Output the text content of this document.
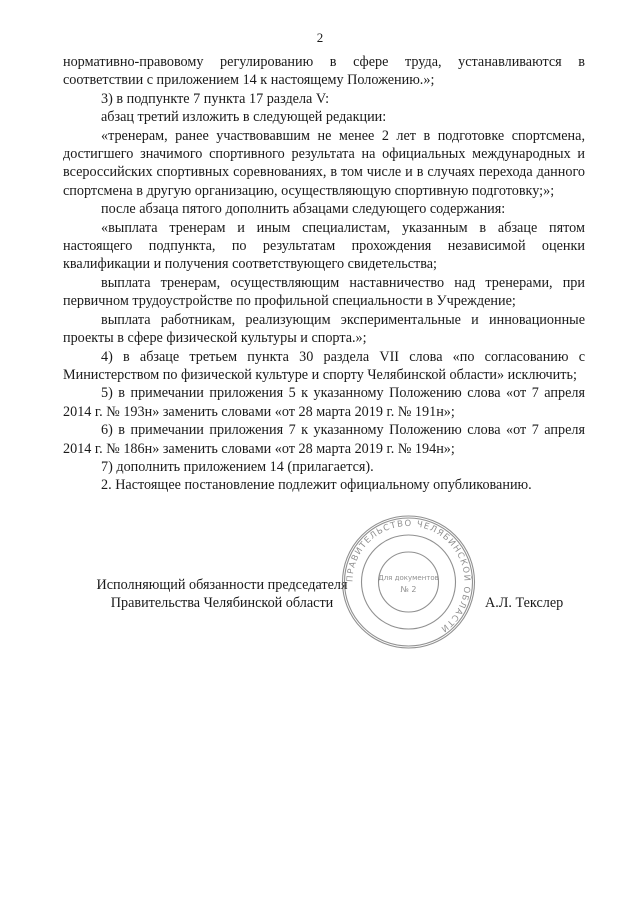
2

нормативно-правовому регулированию в сфере труда, устанавливаются в соответствии с приложением 14 к настоящему Положению.»;

3) в подпункте 7 пункта 17 раздела V:

абзац третий изложить в следующей редакции:

«тренерам, ранее участвовавшим не менее 2 лет в подготовке спортсмена, достигшего значимого спортивного результата на официальных международных и всероссийских спортивных соревнованиях, в том числе и в случаях перехода данного спортсмена в другую организацию, осуществляющую спортивную подготовку;»;

после абзаца пятого дополнить абзацами следующего содержания:

«выплата тренерам и иным специалистам, указанным в абзаце пятом настоящего подпункта, по результатам прохождения независимой оценки квалификации и получения соответствующего свидетельства;

выплата тренерам, осуществляющим наставничество над тренерами, при первичном трудоустройстве по профильной специальности в Учреждение;

выплата работникам, реализующим экспериментальные и инновационные проекты в сфере физической культуры и спорта.»;

4) в абзаце третьем пункта 30 раздела VII слова «по согласованию с Министерством по физической культуре и спорту Челябинской области» исключить;

5) в примечании приложения 5 к указанному Положению слова «от 7 апреля 2014 г. № 193н» заменить словами «от 28 марта 2019 г. № 191н»;

6) в примечании приложения 7 к указанному Положению слова «от 7 апреля 2014 г. № 186н» заменить словами «от 28 марта 2019 г. № 194н»;

7) дополнить приложением 14 (прилагается).

2. Настоящее постановление подлежит официальному опубликованию.

Исполняющий обязанности председателя
Правительства Челябинской области	А.Л. Текслер
ПРАВИТЕЛЬСТВО ЧЕЛЯБИНСКОЙ ОБЛАСТИ
Для документов
№ 2
